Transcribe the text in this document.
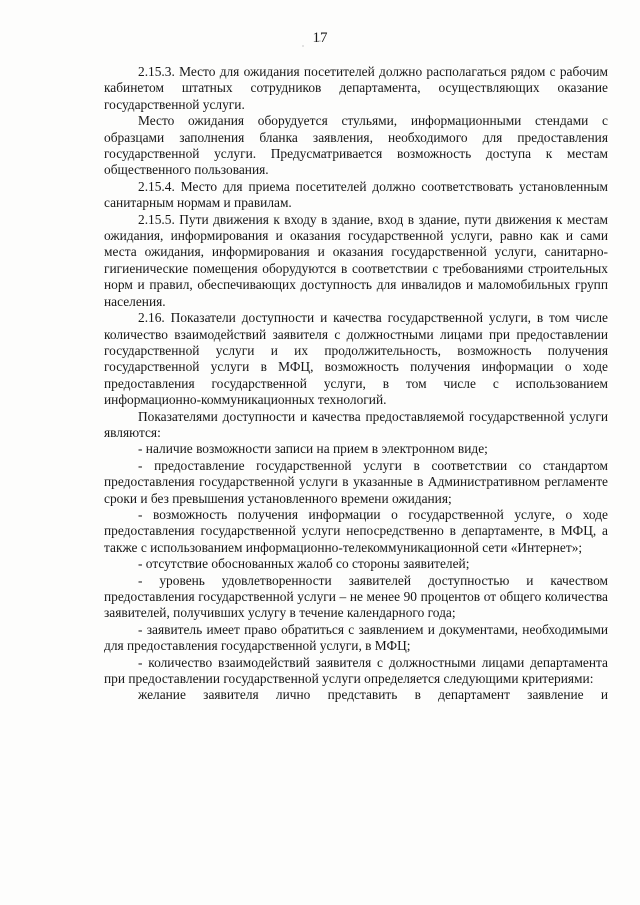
17

2.15.3. Место для ожидания посетителей должно располагаться рядом с рабочим кабинетом штатных сотрудников департамента, осуществляющих оказание государственной услуги.

Место ожидания оборудуется стульями, информационными стендами с образцами заполнения бланка заявления, необходимого для предоставления государственной услуги. Предусматривается возможность доступа к местам общественного пользования.

2.15.4. Место для приема посетителей должно соответствовать установленным санитарным нормам и правилам.

2.15.5. Пути движения к входу в здание, вход в здание, пути движения к местам ожидания, информирования и оказания государственной услуги, равно как и сами места ожидания, информирования и оказания государственной услуги, санитарно-гигиенические помещения оборудуются в соответствии с требованиями строительных норм и правил, обеспечивающих доступность для инвалидов и маломобильных групп населения.

2.16. Показатели доступности и качества государственной услуги, в том числе количество взаимодействий заявителя с должностными лицами при предоставлении государственной услуги и их продолжительность, возможность получения государственной услуги в МФЦ, возможность получения информации о ходе предоставления государственной услуги, в том числе с использованием информационно-коммуникационных технологий.

Показателями доступности и качества предоставляемой государственной услуги являются:

- наличие возможности записи на прием в электронном виде;

- предоставление государственной услуги в соответствии со стандартом предоставления государственной услуги в указанные в Административном регламенте сроки и без превышения установленного времени ожидания;

- возможность получения информации о государственной услуге, о ходе предоставления государственной услуги непосредственно в департаменте, в МФЦ, а также с использованием информационно-телекоммуникационной сети «Интернет»;

- отсутствие обоснованных жалоб со стороны заявителей;

- уровень удовлетворенности заявителей доступностью и качеством предоставления государственной услуги – не менее 90 процентов от общего количества заявителей, получивших услугу в течение календарного года;

- заявитель имеет право обратиться с заявлением и документами, необходимыми для предоставления государственной услуги, в МФЦ;

- количество взаимодействий заявителя с должностными лицами департамента при предоставлении государственной услуги определяется следующими критериями:

желание заявителя лично представить в департамент заявление и
